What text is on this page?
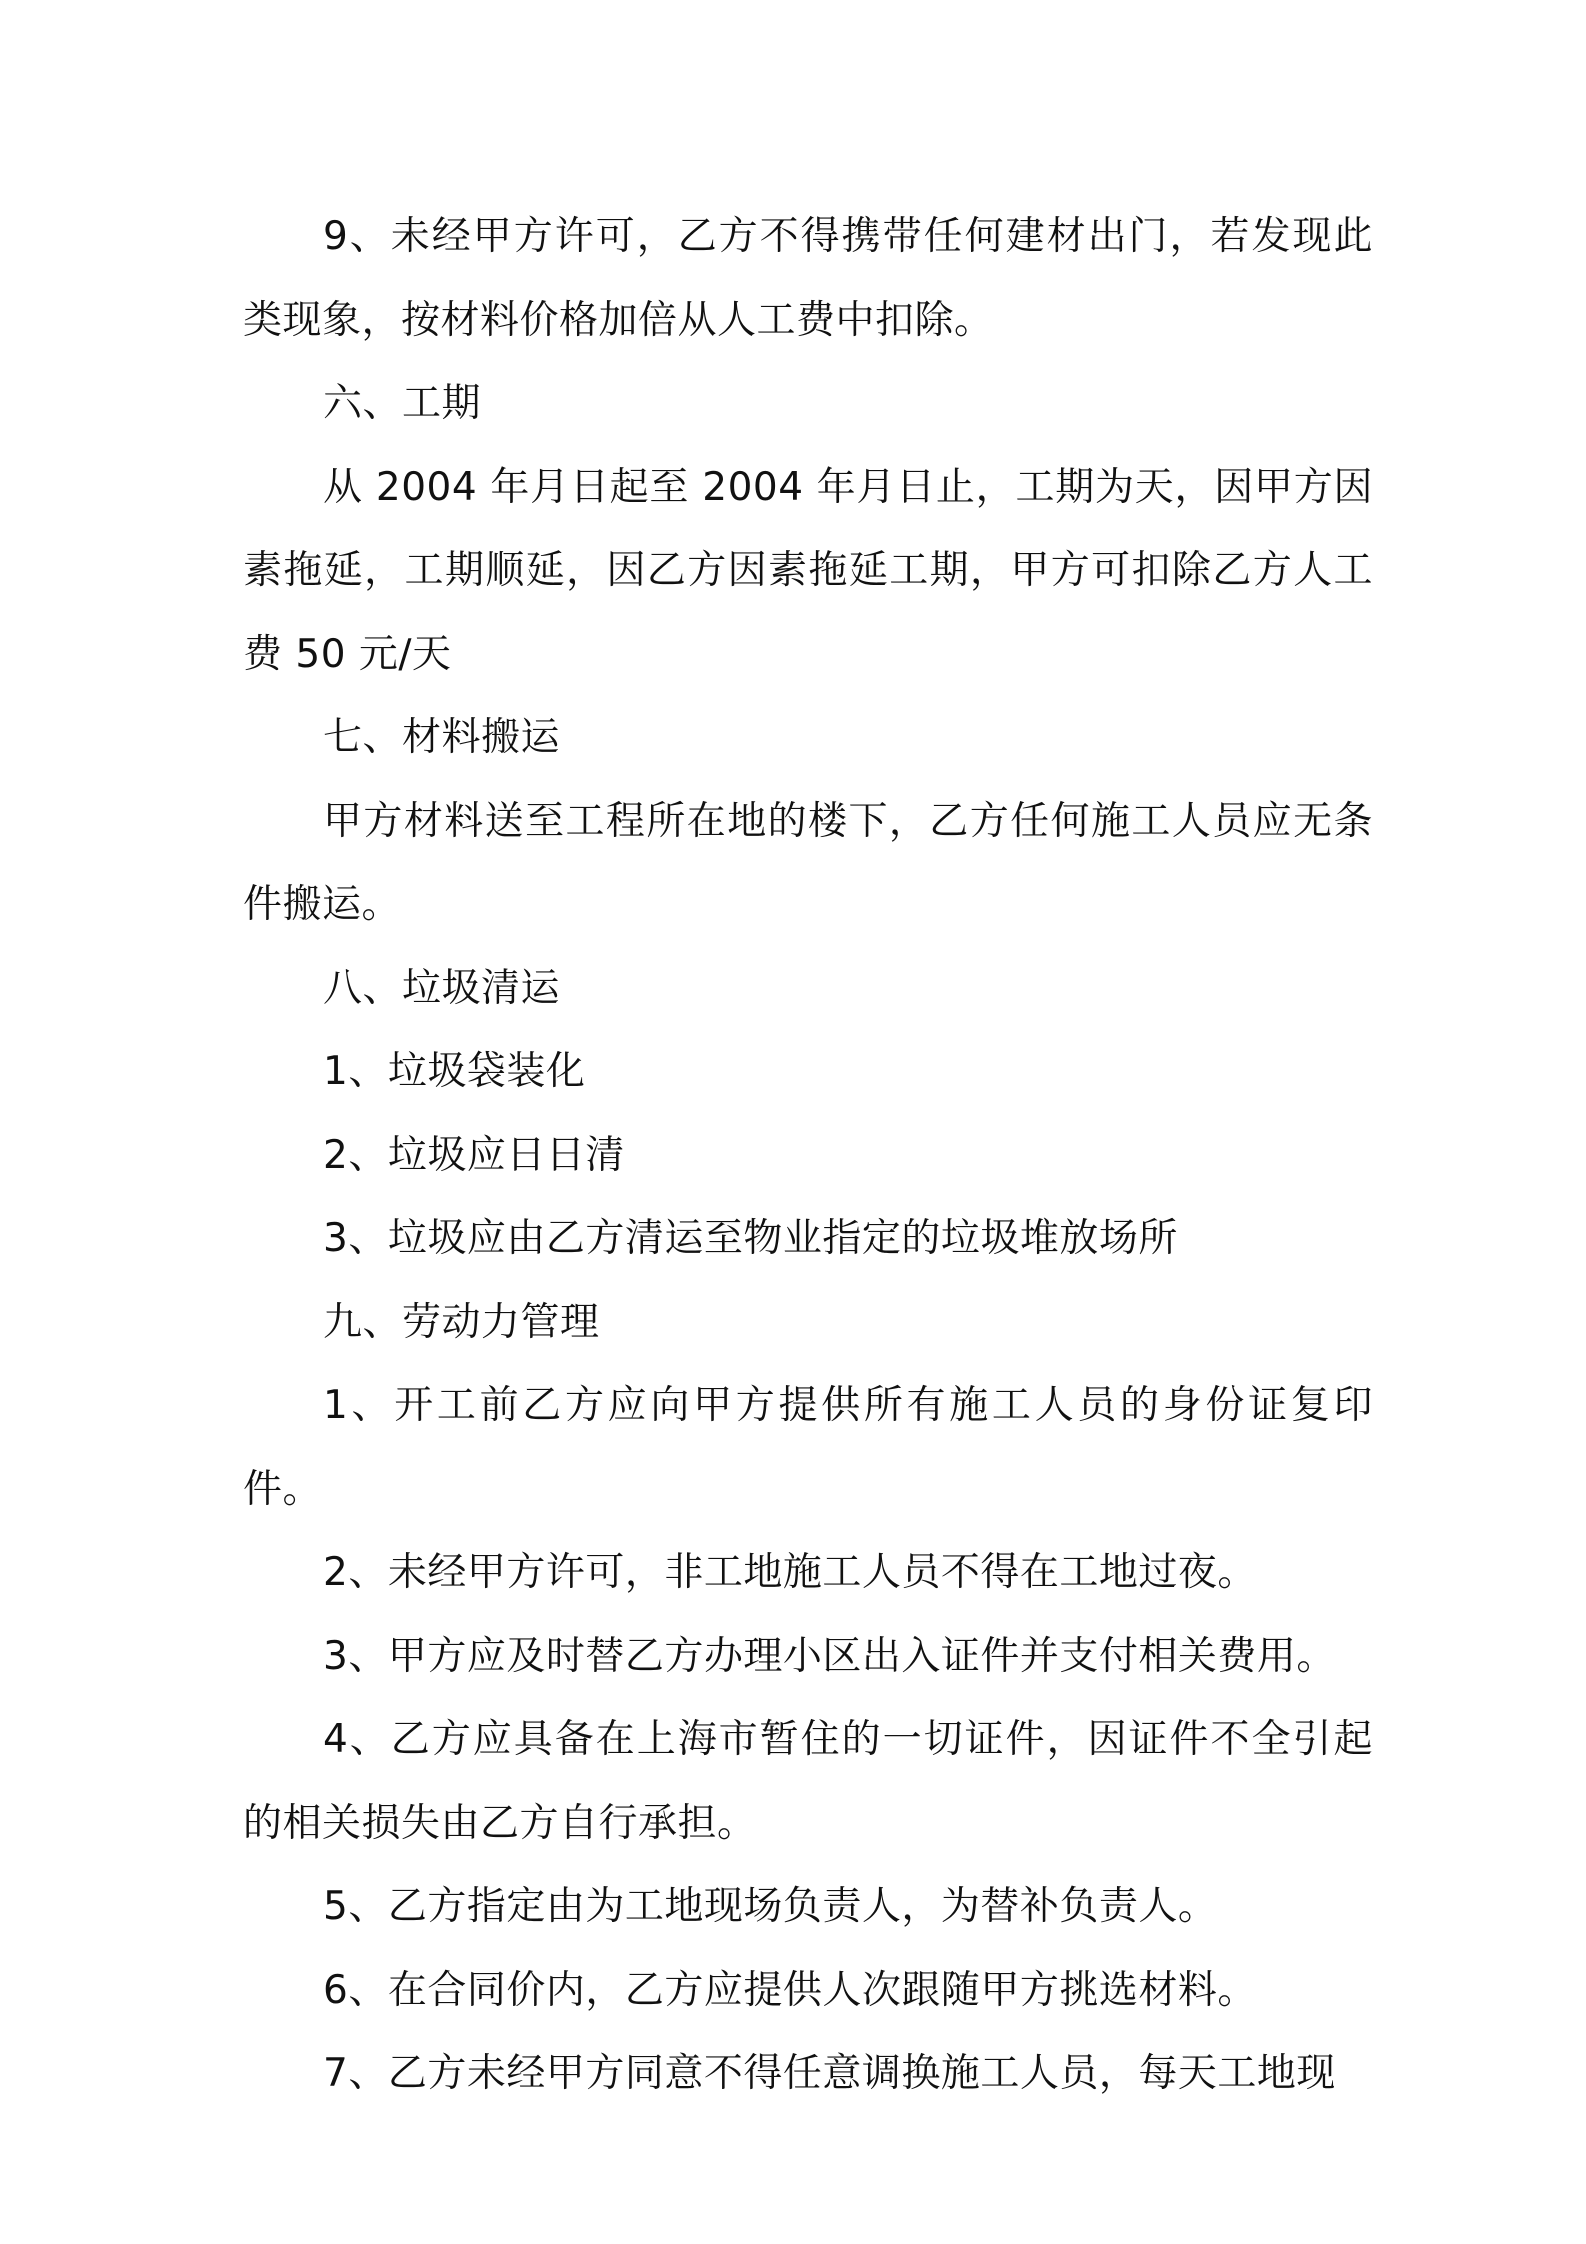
9、未经甲方许可，乙方不得携带任何建材出门，若发现此类现象，按材料价格加倍从人工费中扣除。

六、工期

从 2004 年月日起至 2004 年月日止，工期为天，因甲方因素拖延，工期顺延，因乙方因素拖延工期，甲方可扣除乙方人工费 50 元/天

七、材料搬运

甲方材料送至工程所在地的楼下，乙方任何施工人员应无条件搬运。

八、垃圾清运

1、垃圾袋装化

2、垃圾应日日清

3、垃圾应由乙方清运至物业指定的垃圾堆放场所

九、劳动力管理

1、开工前乙方应向甲方提供所有施工人员的身份证复印件。

2、未经甲方许可，非工地施工人员不得在工地过夜。

3、甲方应及时替乙方办理小区出入证件并支付相关费用。

4、乙方应具备在上海市暂住的一切证件，因证件不全引起的相关损失由乙方自行承担。

5、乙方指定由为工地现场负责人，为替补负责人。

6、在合同价内，乙方应提供人次跟随甲方挑选材料。

7、乙方未经甲方同意不得任意调换施工人员，每天工地现
